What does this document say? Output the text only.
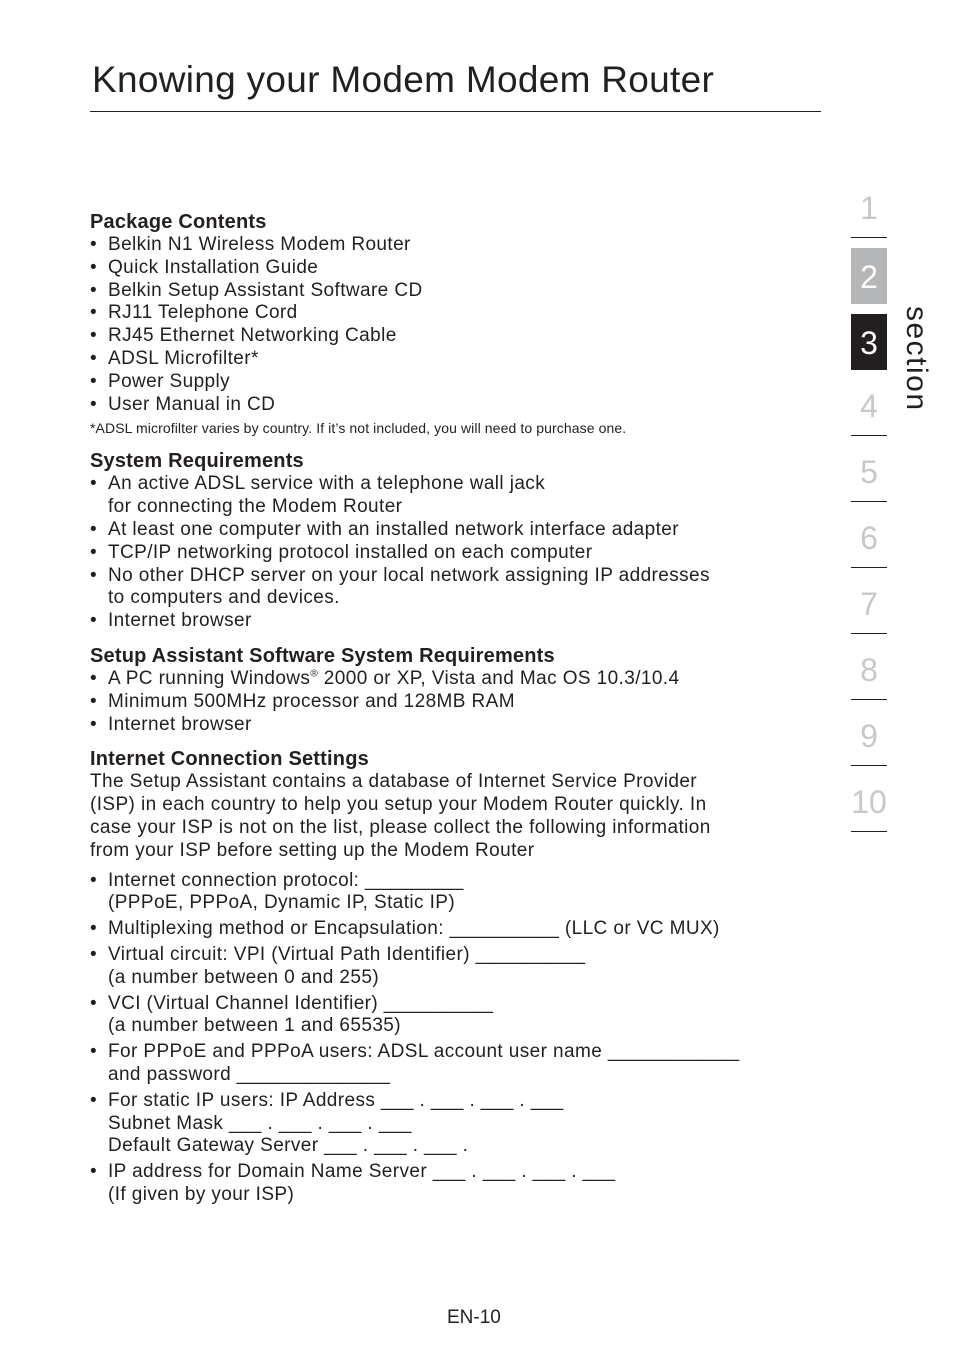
Knowing your Modem Modem Router
Package Contents
• Belkin N1 Wireless Modem Router
• Quick Installation Guide
• Belkin Setup Assistant Software CD
• RJ11 Telephone Cord
• RJ45 Ethernet Networking Cable
• ADSL Microfilter*
• Power Supply
• User Manual in CD
*ADSL microfilter varies by country. If it’s not included, you will need to purchase one.
System Requirements
• An active ADSL service with a telephone wall jack
for connecting the Modem Router
• At least one computer with an installed network interface adapter
• TCP/IP networking protocol installed on each computer
• No other DHCP server on your local network assigning IP addresses
to computers and devices.
• Internet browser
Setup Assistant Software System Requirements
• A PC running Windows® 2000 or XP, Vista and Mac OS 10.3/10.4
• Minimum 500MHz processor and 128MB RAM
• Internet browser
Internet Connection Settings

The Setup Assistant contains a database of Internet Service Provider
(ISP) in each country to help you setup your Modem Router quickly. In
case your ISP is not on the list, please collect the following information
from your ISP before setting up the Modem Router

• Internet connection protocol: _________
(PPPoE, PPPoA, Dynamic IP, Static IP)
• Multiplexing method or Encapsulation: __________ (LLC or VC MUX)
• Virtual circuit: VPI (Virtual Path Identifier) __________
(a number between 0 and 255)
• VCI (Virtual Channel Identifier) __________
(a number between 1 and 65535)
• For PPPoE and PPPoA users: ADSL account user name ____________
and password ______________
• For static IP users: IP Address ___ . ___ . ___ . ___
Subnet Mask ___ . ___ . ___ . ___
Default Gateway Server ___ . ___ . ___ .
• IP address for Domain Name Server ___ . ___ . ___ . ___
(If given by your ISP)
1
2
3
4
5
6
7
8
9
10
section
EN-10
